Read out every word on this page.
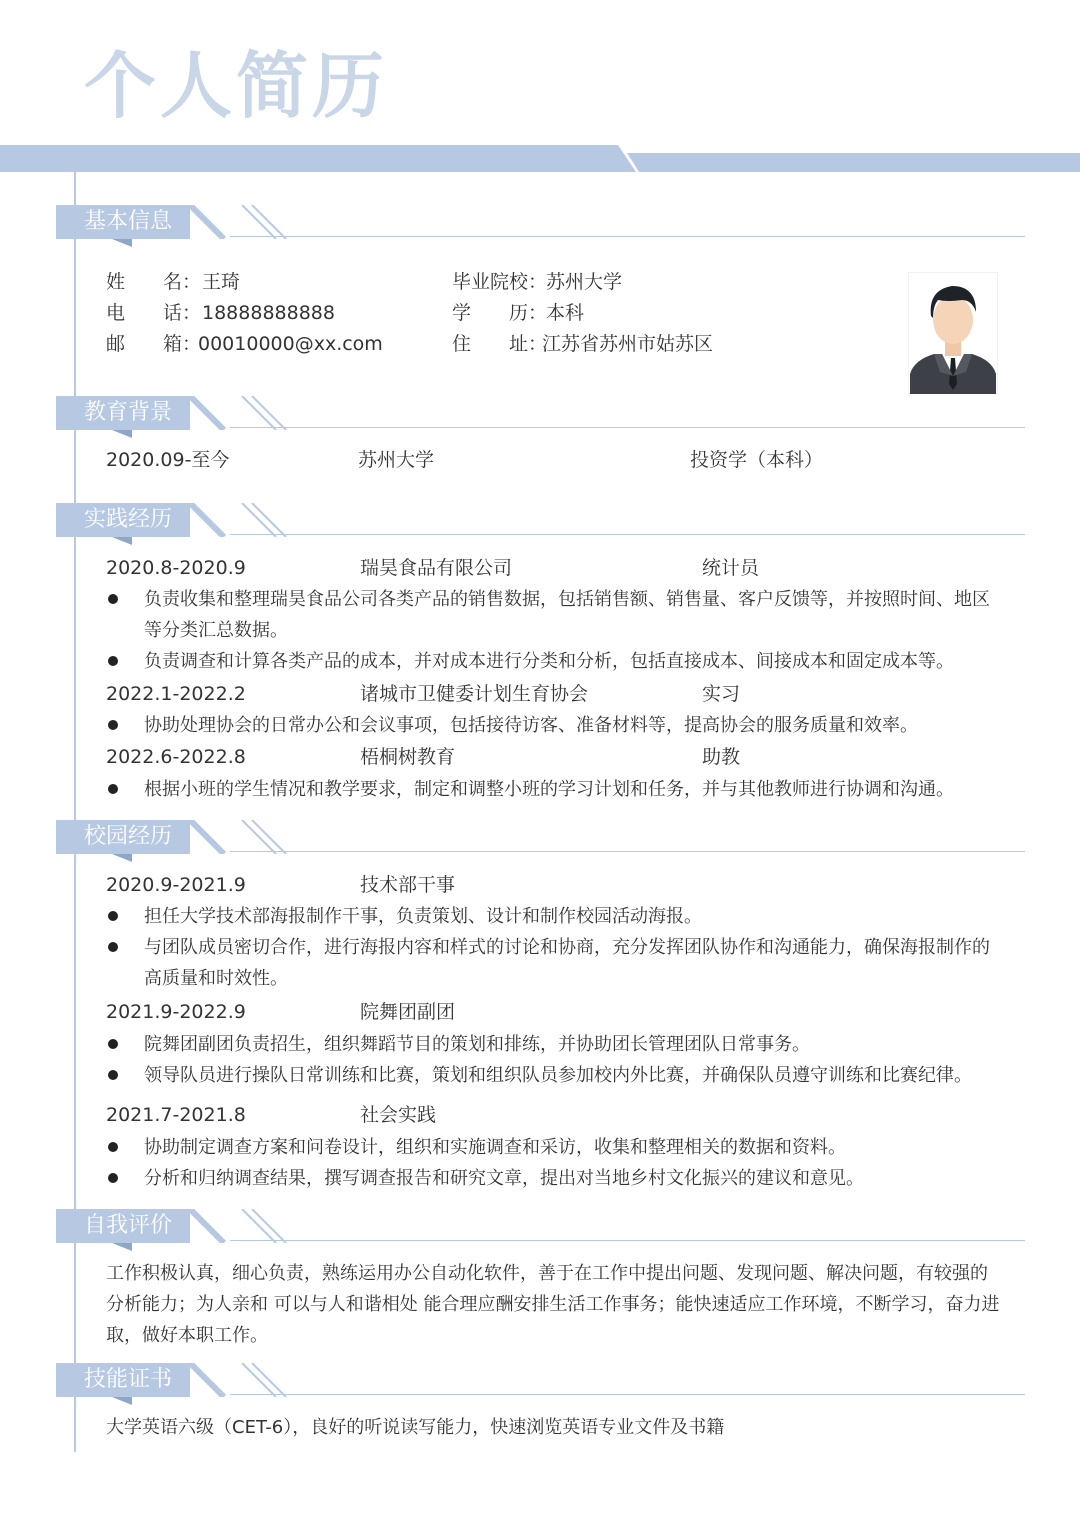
个人简历
基本信息
姓　　名： 王琦
电　　话： 18888888888
邮　　箱：
00010000@xx.com
毕业院校：
苏州大学
学　　历：
本科
住　　址：
江苏省苏州市姑苏区
教育背景
2020.09-至今	苏州大学	投资学（本科）
实践经历
2020.8-2020.9	瑞昊食品有限公司	统计员
负责收集和整理瑞昊食品公司各类产品的销售数据，包括销售额、销售量、客户反馈等，并按照时间、地区等分类汇总数据。
负责调查和计算各类产品的成本，并对成本进行分类和分析，包括直接成本、间接成本和固定成本等。
2022.1-2022.2	诸城市卫健委计划生育协会	实习
协助处理协会的日常办公和会议事项，包括接待访客、准备材料等，提高协会的服务质量和效率。
2022.6-2022.8	梧桐树教育	助教
根据小班的学生情况和教学要求，制定和调整小班的学习计划和任务，并与其他教师进行协调和沟通。
校园经历
2020.9-2021.9	技术部干事
担任大学技术部海报制作干事，负责策划、设计和制作校园活动海报。
与团队成员密切合作，进行海报内容和样式的讨论和协商，充分发挥团队协作和沟通能力，确保海报制作的高质量和时效性。
2021.9-2022.9	院舞团副团
院舞团副团负责招生，组织舞蹈节目的策划和排练，并协助团长管理团队日常事务。
领导队员进行操队日常训练和比赛，策划和组织队员参加校内外比赛，并确保队员遵守训练和比赛纪律。
2021.7-2021.8	社会实践
协助制定调查方案和问卷设计，组织和实施调查和采访，收集和整理相关的数据和资料。
分析和归纳调查结果，撰写调查报告和研究文章，提出对当地乡村文化振兴的建议和意见。
自我评价
工作积极认真，细心负责，熟练运用办公自动化软件，善于在工作中提出问题、发现问题、解决问题，有较强的分析能力；为人亲和 可以与人和谐相处 能合理应酬安排生活工作事务；能快速适应工作环境，不断学习，奋力进取，做好本职工作。
技能证书
大学英语六级（CET-6），良好的听说读写能力，快速浏览英语专业文件及书籍
